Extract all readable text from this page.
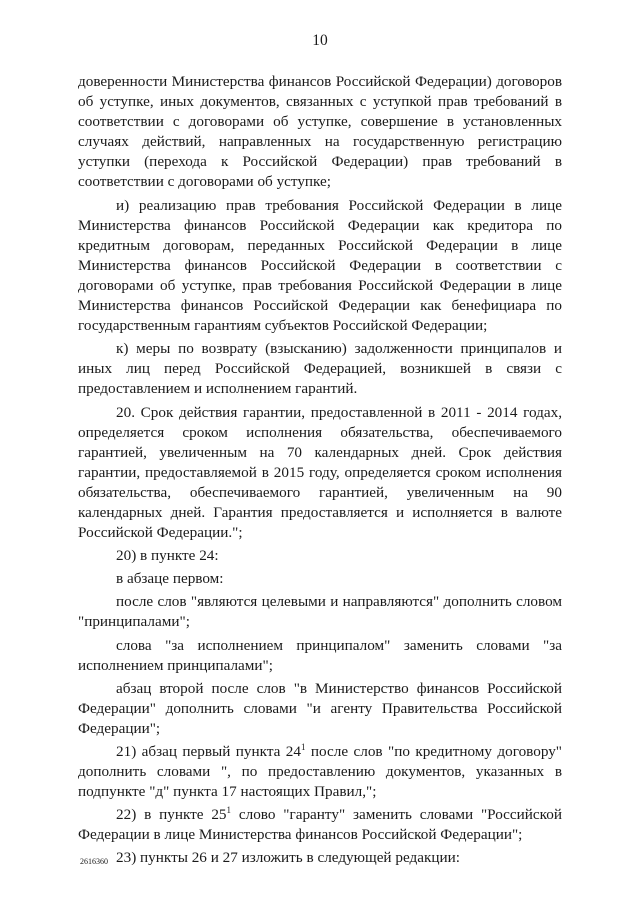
10

доверенности Министерства финансов Российской Федерации) договоров об уступке, иных документов, связанных с уступкой прав требований в соответствии с договорами об уступке, совершение в установленных случаях действий, направленных на государственную регистрацию уступки (перехода к Российской Федерации) прав требований в соответствии с договорами об уступке;

и) реализацию прав требования Российской Федерации в лице Министерства финансов Российской Федерации как кредитора по кредитным договорам, переданных Российской Федерации в лице Министерства финансов Российской Федерации в соответствии с договорами об уступке, прав требования Российской Федерации в лице Министерства финансов Российской Федерации как бенефициара по государственным гарантиям субъектов Российской Федерации;

к) меры по возврату (взысканию) задолженности принципалов и иных лиц перед Российской Федерацией, возникшей в связи с предоставлением и исполнением гарантий.

20. Срок действия гарантии, предоставленной в 2011 - 2014 годах, определяется сроком исполнения обязательства, обеспечиваемого гарантией, увеличенным на 70 календарных дней. Срок действия гарантии, предоставляемой в 2015 году, определяется сроком исполнения обязательства, обеспечиваемого гарантией, увеличенным на 90 календарных дней. Гарантия предоставляется и исполняется в валюте Российской Федерации.";

20) в пункте 24:

в абзаце первом:

после слов "являются целевыми и направляются" дополнить словом "принципалами";

слова "за исполнением принципалом" заменить словами "за исполнением принципалами";

абзац второй после слов "в Министерство финансов Российской Федерации" дополнить словами "и агенту Правительства Российской Федерации";

21) абзац первый пункта $24^1$ после слов "по кредитному договору" дополнить словами ", по предоставлению документов, указанных в подпункте "д" пункта 17 настоящих Правил,";

22) в пункте $25^1$ слово "гаранту" заменить словами "Российской Федерации в лице Министерства финансов Российской Федерации";

23) пункты 26 и 27 изложить в следующей редакции:

2616360
